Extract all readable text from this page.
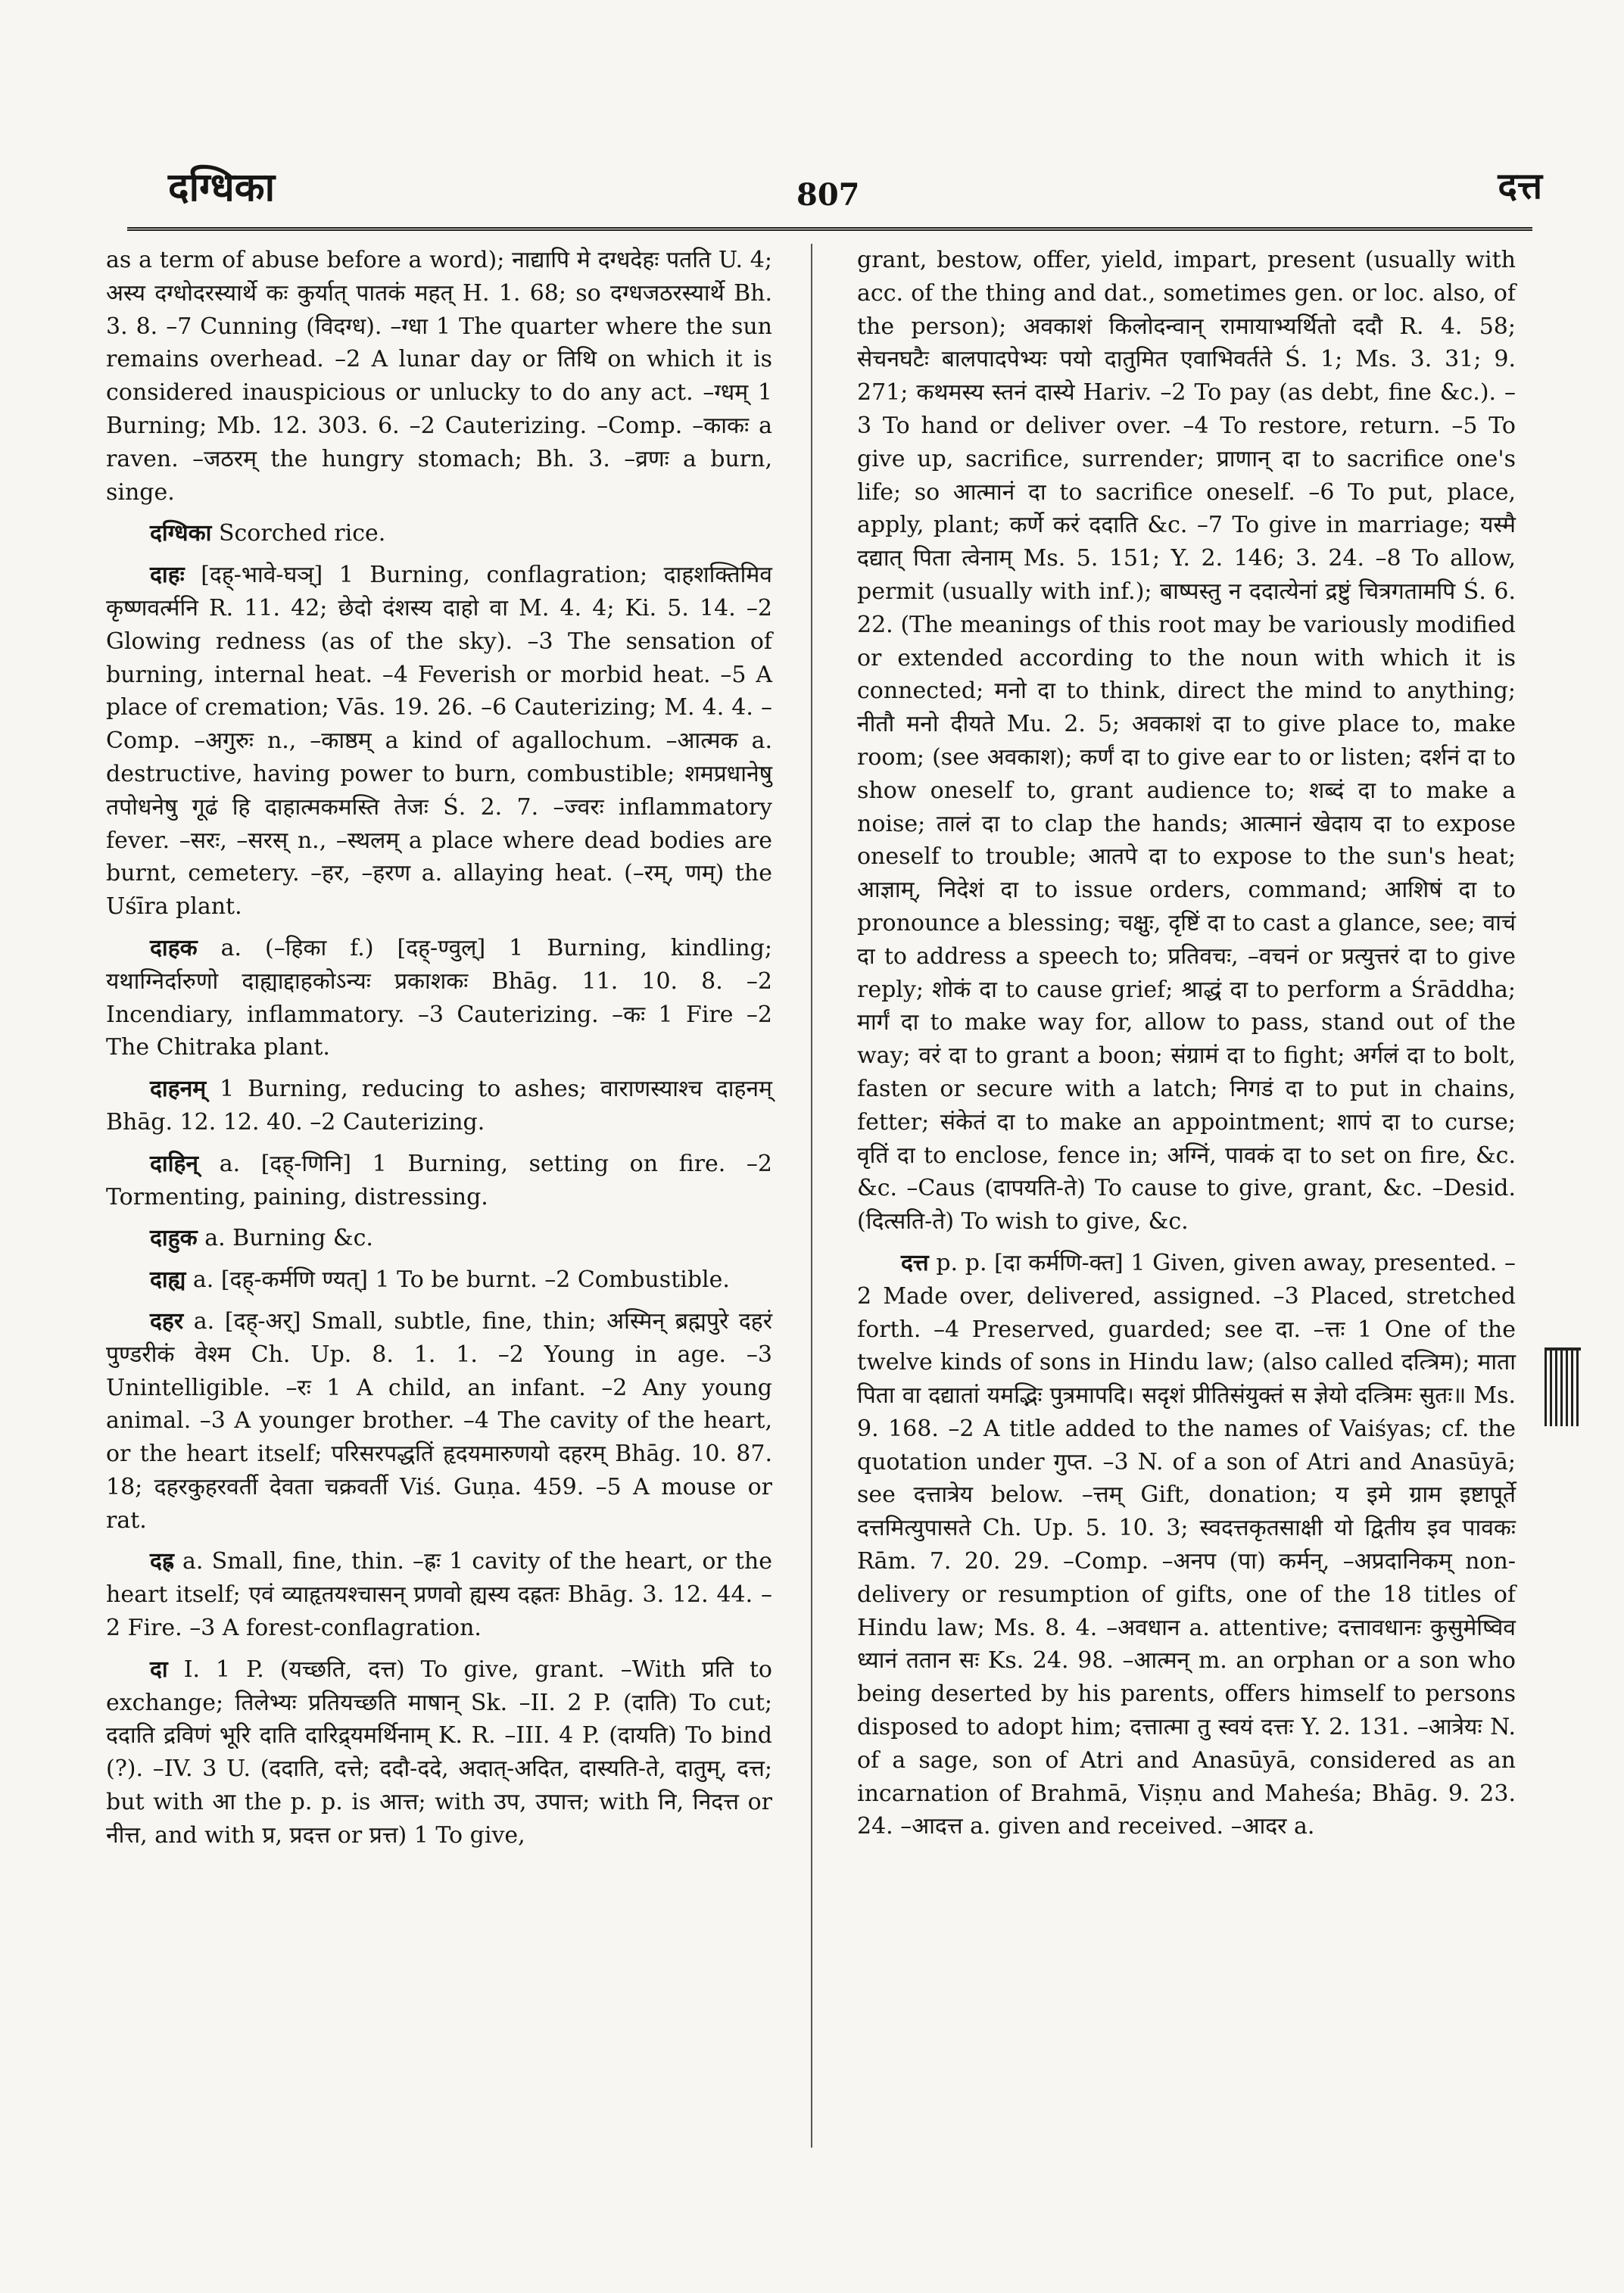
दग्धिका	807	दत्त

as a term of abuse before a word); नाद्यापि मे दग्धदेहः पतति U. 4; अस्य दग्धोदरस्यार्थे कः कुर्यात् पातकं महत् H. 1. 68; so दग्धजठरस्यार्थे Bh. 3. 8. –7 Cunning (विदग्ध). –ग्धा 1 The quarter where the sun remains overhead. –2 A lunar day or तिथि on which it is considered inauspicious or unlucky to do any act. –ग्धम् 1 Burning; Mb. 12. 303. 6. –2 Cauterizing. –Comp. –काकः a raven. –जठरम् the hungry stomach; Bh. 3. –व्रणः a burn, singe.

दग्धिका Scorched rice.

दाहः [दह्-भावे-घञ्] 1 Burning, conflagration; दाहशक्तिमिव कृष्णवर्त्मनि R. 11. 42; छेदो दंशस्य दाहो वा M. 4. 4; Ki. 5. 14. –2 Glowing redness (as of the sky). –3 The sensation of burning, internal heat. –4 Feverish or morbid heat. –5 A place of cremation; Vās. 19. 26. –6 Cauterizing; M. 4. 4. –Comp. –अगुरुः n., –काष्ठम् a kind of agallochum. –आत्मक a. destructive, having power to burn, combustible; शमप्रधानेषु तपोधनेषु गूढं हि दाहात्मकमस्ति तेजः Ś. 2. 7. –ज्वरः inflammatory fever. –सरः, –सरस् n., –स्थलम् a place where dead bodies are burnt, cemetery. –हर, –हरण a. allaying heat. (–रम्, णम्) the Uśīra plant.

दाहक a. (–हिका f.) [दह्-ण्वुल्] 1 Burning, kindling; यथाग्निर्दारुणो दाह्याद्दाहकोऽन्यः प्रकाशकः Bhāg. 11. 10. 8. –2 Incendiary, inflammatory. –3 Cauterizing. –कः 1 Fire –2 The Chitraka plant.

दाहनम् 1 Burning, reducing to ashes; वाराणस्याश्च दाहनम् Bhāg. 12. 12. 40. –2 Cauterizing.

दाहिन् a. [दह्-णिनि] 1 Burning, setting on fire. –2 Tormenting, paining, distressing.

दाहुक a. Burning &c.

दाह्य a. [दह्-कर्मणि ण्यत्] 1 To be burnt. –2 Combustible.

दहर a. [दह्-अर्] Small, subtle, fine, thin; अस्मिन् ब्रह्मपुरे दहरं पुण्डरीकं वेश्म Ch. Up. 8. 1. 1. –2 Young in age. –3 Unintelligible. –रः 1 A child, an infant. –2 Any young animal. –3 A younger brother. –4 The cavity of the heart, or the heart itself; परिसरपद्धतिं हृदयमारुणयो दहरम् Bhāg. 10. 87. 18; दहरकुहरवर्ती देवता चक्रवर्ती Viś. Guṇa. 459. –5 A mouse or rat.

दह्र a. Small, fine, thin. –ह्रः 1 cavity of the heart, or the heart itself; एवं व्याहृतयश्चासन् प्रणवो ह्यस्य दह्रतः Bhāg. 3. 12. 44. –2 Fire. –3 A forest-conflagration.

दा I. 1 P. (यच्छति, दत्त) To give, grant. –With प्रति to exchange; तिलेभ्यः प्रतियच्छति माषान् Sk. –II. 2 P. (दाति) To cut; ददाति द्रविणं भूरि दाति दारिद्र्यमर्थिनाम् K. R. –III. 4 P. (दायति) To bind (?). –IV. 3 U. (ददाति, दत्ते; ददौ-ददे, अदात्-अदित, दास्यति-ते, दातुम्, दत्त; but with आ the p. p. is आत्त; with उप, उपात्त; with नि, निदत्त or नीत्त, and with प्र, प्रदत्त or प्रत्त) 1 To give,

grant, bestow, offer, yield, impart, present (usually with acc. of the thing and dat., sometimes gen. or loc. also, of the person); अवकाशं किलोदन्वान् रामायाभ्यर्थितो ददौ R. 4. 58; सेचनघटैः बालपादपेभ्यः पयो दातुमित एवाभिवर्तते Ś. 1; Ms. 3. 31; 9. 271; कथमस्य स्तनं दास्ये Hariv. –2 To pay (as debt, fine &c.). –3 To hand or deliver over. –4 To restore, return. –5 To give up, sacrifice, surrender; प्राणान् दा to sacrifice one's life; so आत्मानं दा to sacrifice oneself. –6 To put, place, apply, plant; कर्णे करं ददाति &c. –7 To give in marriage; यस्मै दद्यात् पिता त्वेनाम् Ms. 5. 151; Y. 2. 146; 3. 24. –8 To allow, permit (usually with inf.); बाष्पस्तु न ददात्येनां द्रष्टुं चित्रगतामपि Ś. 6. 22. (The meanings of this root may be variously modified or extended according to the noun with which it is connected; मनो दा to think, direct the mind to anything; नीतौ मनो दीयते Mu. 2. 5; अवकाशं दा to give place to, make room; (see अवकाश); कर्णं दा to give ear to or listen; दर्शनं दा to show oneself to, grant audience to; शब्दं दा to make a noise; तालं दा to clap the hands; आत्मानं खेदाय दा to expose oneself to trouble; आतपे दा to expose to the sun's heat; आज्ञाम्, निदेशं दा to issue orders, command; आशिषं दा to pronounce a blessing; चक्षुः, दृष्टिं दा to cast a glance, see; वाचं दा to address a speech to; प्रतिवचः, –वचनं or प्रत्युत्तरं दा to give reply; शोकं दा to cause grief; श्राद्धं दा to perform a Śrāddha; मार्गं दा to make way for, allow to pass, stand out of the way; वरं दा to grant a boon; संग्रामं दा to fight; अर्गलं दा to bolt, fasten or secure with a latch; निगडं दा to put in chains, fetter; संकेतं दा to make an appointment; शापं दा to curse; वृतिं दा to enclose, fence in; अग्निं, पावकं दा to set on fire, &c. &c. –Caus (दापयति-ते) To cause to give, grant, &c. –Desid. (दित्सति-ते) To wish to give, &c.

दत्त p. p. [दा कर्मणि-क्त] 1 Given, given away, presented. –2 Made over, delivered, assigned. –3 Placed, stretched forth. –4 Preserved, guarded; see दा. –त्तः 1 One of the twelve kinds of sons in Hindu law; (also called दत्त्रिम); माता पिता वा दद्यातां यमद्भिः पुत्रमापदि। सदृशं प्रीतिसंयुक्तं स ज्ञेयो दत्त्रिमः सुतः॥ Ms. 9. 168. –2 A title added to the names of Vaiśyas; cf. the quotation under गुप्त. –3 N. of a son of Atri and Anasūyā; see दत्तात्रेय below. –त्तम् Gift, donation; य इमे ग्राम इष्टापूर्ते दत्तमित्युपासते Ch. Up. 5. 10. 3; स्वदत्तकृतसाक्षी यो द्वितीय इव पावकः Rām. 7. 20. 29. –Comp. –अनप (पा) कर्मन्, –अप्रदानिकम् non-delivery or resumption of gifts, one of the 18 titles of Hindu law; Ms. 8. 4. –अवधान a. attentive; दत्तावधानः कुसुमेष्विव ध्यानं ततान सः Ks. 24. 98. –आत्मन् m. an orphan or a son who being deserted by his parents, offers himself to persons disposed to adopt him; दत्तात्मा तु स्वयं दत्तः Y. 2. 131. –आत्रेयः N. of a sage, son of Atri and Anasūyā, considered as an incarnation of Brahmā, Viṣṇu and Maheśa; Bhāg. 9. 23. 24. –आदत्त a. given and received. –आदर a.
